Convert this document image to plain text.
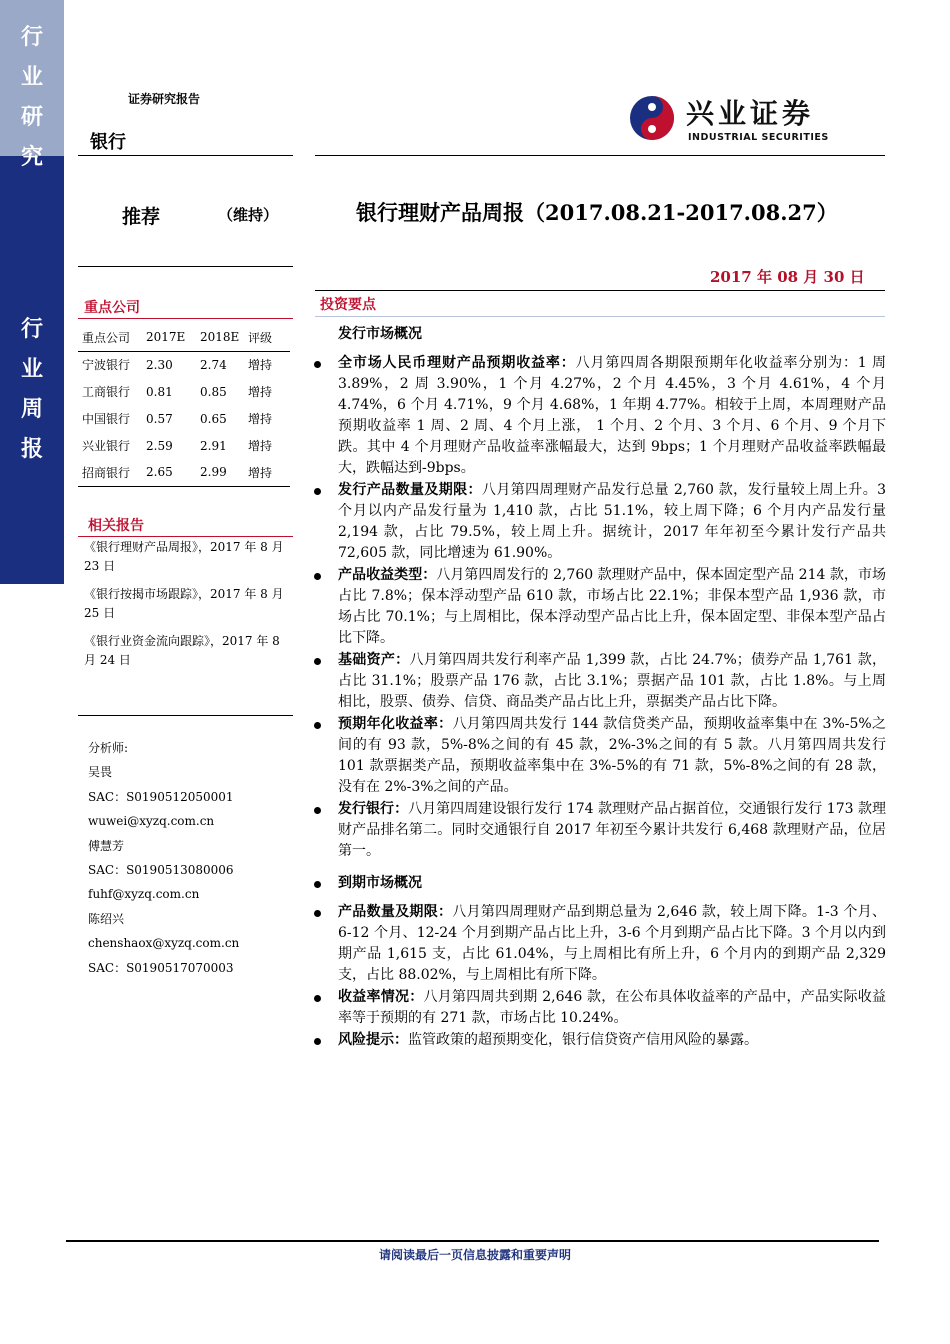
行
业
研
究
行
业
周
报
证券研究报告
银行
兴业证券
INDUSTRIAL SECURITIES
推荐	（维持）	银行理财产品周报（2017.08.21-2017.08.27）
2017 年 08 月 30 日
重点公司
重点公司	2017E	2018E	评级
宁波银行	2.30	2.74	增持
工商银行	0.81	0.85	增持
中国银行	0.57	0.65	增持
兴业银行	2.59	2.91	增持
招商银行	2.65	2.99	增持
相关报告
《银行理财产品周报》，2017 年 8 月 23 日
《银行按揭市场跟踪》，2017 年 8 月 25 日
《银行业资金流向跟踪》，2017 年 8 月 24 日
分析师:
吴畏
SAC：S0190512050001
wuwei@xyzq.com.cn
傅慧芳
SAC：S0190513080006
fuhf@xyzq.com.cn
陈绍兴
chenshaox@xyzq.com.cn
SAC：S0190517070003
投资要点
发行市场概况
全市场人民币理财产品预期收益率：八月第四周各期限预期年化收益率分别为：1 周 3.89%，2 周 3.90%，1 个月 4.27%，2 个月 4.45%，3 个月 4.61%，4 个月 4.74%，6 个月 4.71%，9 个月 4.68%，1 年期 4.77%。相较于上周，本周理财产品预期收益率 1 周、2 周、4 个月上涨， 1 个月、2 个月、3 个月、6 个月、9 个月下跌。其中 4 个月理财产品收益率涨幅最大，达到 9bps；1 个月理财产品收益率跌幅最大，跌幅达到-9bps。
发行产品数量及期限：八月第四周理财产品发行总量 2,760 款，发行量较上周上升。3 个月以内产品发行量为 1,410 款，占比 51.1%，较上周下降；6 个月内产品发行量 2,194 款，占比 79.5%，较上周上升。据统计，2017 年年初至今累计发行产品共 72,605 款，同比增速为 61.90%。
产品收益类型：八月第四周发行的 2,760 款理财产品中，保本固定型产品 214 款，市场占比 7.8%；保本浮动型产品 610 款，市场占比 22.1%；非保本型产品 1,936 款，市场占比 70.1%；与上周相比，保本浮动型产品占比上升，保本固定型、非保本型产品占比下降。
基础资产：八月第四周共发行利率产品 1,399 款，占比 24.7%；债券产品 1,761 款，占比 31.1%；股票产品 176 款，占比 3.1%；票据产品 101 款，占比 1.8%。与上周相比，股票、债券、信贷、商品类产品占比上升，票据类产品占比下降。
预期年化收益率：八月第四周共发行 144 款信贷类产品，预期收益率集中在 3%-5%之间的有 93 款，5%-8%之间的有 45 款，2%-3%之间的有 5 款。八月第四周共发行 101 款票据类产品，预期收益率集中在 3%-5%的有 71 款，5%-8%之间的有 28 款，没有在 2%-3%之间的产品。
发行银行：八月第四周建设银行发行 174 款理财产品占据首位，交通银行发行 173 款理财产品排名第二。同时交通银行自 2017 年初至今累计共发行 6,468 款理财产品，位居第一。
到期市场概况
产品数量及期限：八月第四周理财产品到期总量为 2,646 款，较上周下降。1-3 个月、6-12 个月、12-24 个月到期产品占比上升，3-6 个月到期产品占比下降。3 个月以内到期产品 1,615 支，占比 61.04%，与上周相比有所上升，6 个月内的到期产品 2,329 支，占比 88.02%，与上周相比有所下降。
收益率情况：八月第四周共到期 2,646 款，在公布具体收益率的产品中，产品实际收益率等于预期的有 271 款，市场占比 10.24%。
风险提示：监管政策的超预期变化，银行信贷资产信用风险的暴露。
请阅读最后一页信息披露和重要声明
